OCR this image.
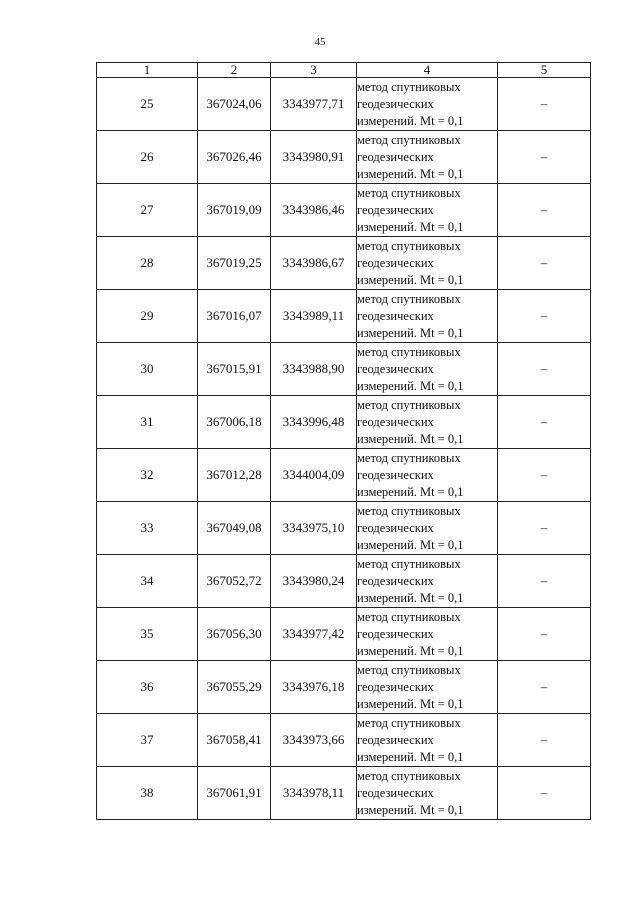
45
1	2	3	4	5
25	367024,06	3343977,71	метод спутниковых
геодезических
измерений. Mt = 0,1	–
26	367026,46	3343980,91	метод спутниковых
геодезических
измерений. Mt = 0,1	–
27	367019,09	3343986,46	метод спутниковых
геодезических
измерений. Mt = 0,1	–
28	367019,25	3343986,67	метод спутниковых
геодезических
измерений. Mt = 0,1	–
29	367016,07	3343989,11	метод спутниковых
геодезических
измерений. Mt = 0,1	–
30	367015,91	3343988,90	метод спутниковых
геодезических
измерений. Mt = 0,1	–
31	367006,18	3343996,48	метод спутниковых
геодезических
измерений. Mt = 0,1	–
32	367012,28	3344004,09	метод спутниковых
геодезических
измерений. Mt = 0,1	–
33	367049,08	3343975,10	метод спутниковых
геодезических
измерений. Mt = 0,1	–
34	367052,72	3343980,24	метод спутниковых
геодезических
измерений. Mt = 0,1	–
35	367056,30	3343977,42	метод спутниковых
геодезических
измерений. Mt = 0,1	–
36	367055,29	3343976,18	метод спутниковых
геодезических
измерений. Mt = 0,1	–
37	367058,41	3343973,66	метод спутниковых
геодезических
измерений. Mt = 0,1	–
38	367061,91	3343978,11	метод спутниковых
геодезических
измерений. Mt = 0,1	–
